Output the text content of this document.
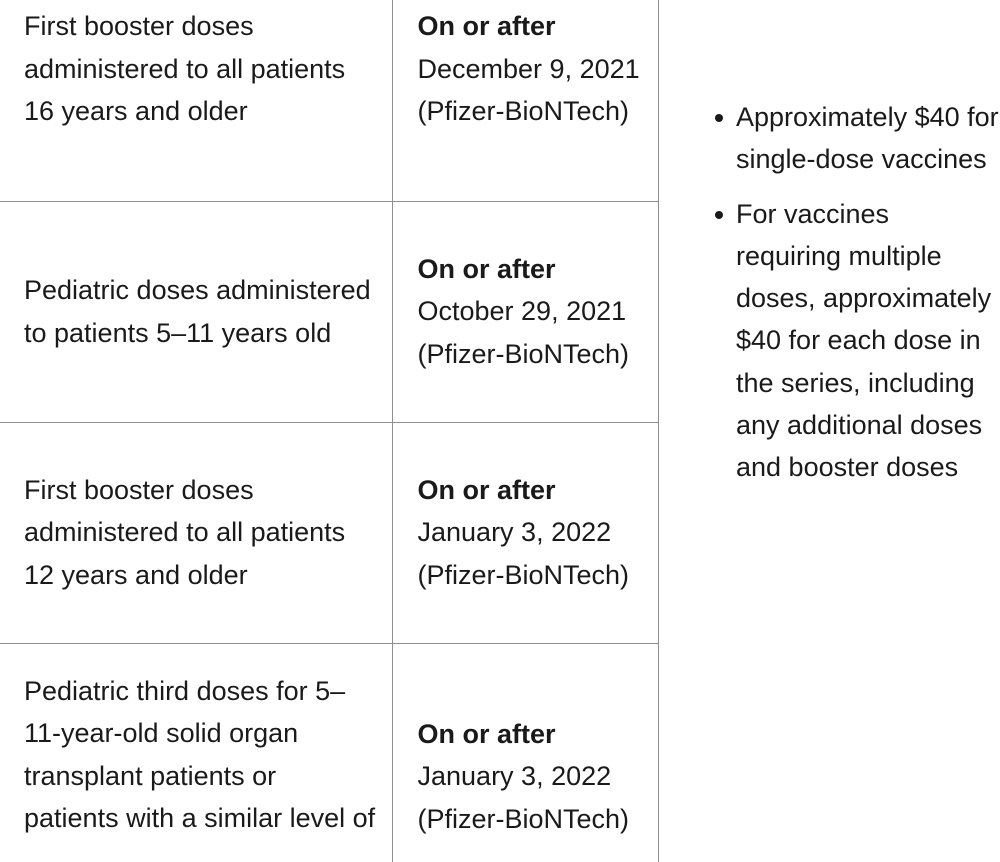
First booster doses administered to all patients 16 years and older	On or after
December 9, 2021 (Pfizer-BioNTech)

Pediatric doses administered to patients 5–11 years old	On or after
October 29, 2021 (Pfizer-BioNTech)

First booster doses administered to all patients 12 years and older	On or after
January 3, 2022 (Pfizer-BioNTech)

Pediatric third doses for 5–11-year-old solid organ transplant patients or patients with a similar level of	On or after
January 3, 2022 (Pfizer-BioNTech)
Approximately $40 for single-dose vaccines
For vaccines requiring multiple doses, approximately $40 for each dose in the series, including any additional doses and booster doses
